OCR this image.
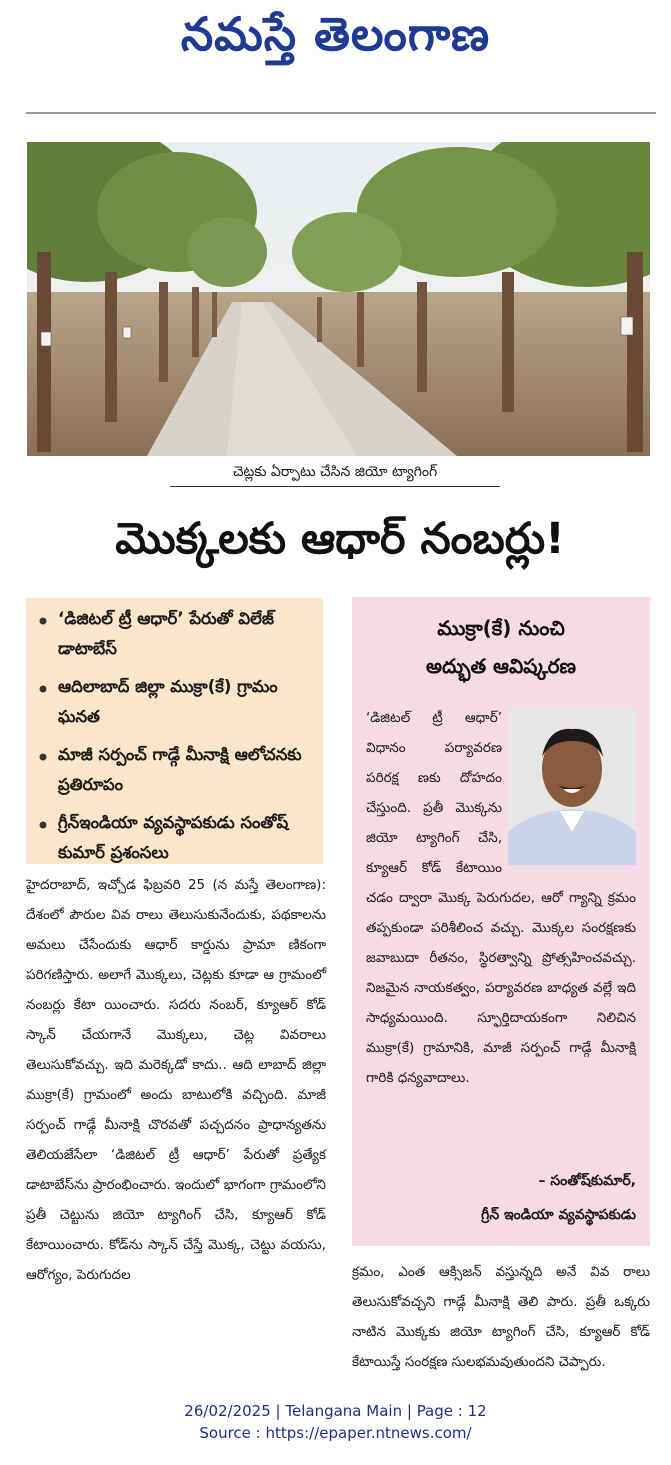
నమస్తే తెలంగాణ
చెట్లకు ఏర్పాటు చేసిన జియో ట్యాగింగ్
మొక్కలకు ఆధార్ నంబర్లు!
‘డిజిటల్ ట్రీ ఆధార్’ పేరుతో విలేజ్ డాటాబేస్
ఆదిలాబాద్ జిల్లా ముక్రా(కే) గ్రామం ఘనత
మాజీ సర్పంచ్ గాడ్గే మీనాక్షి ఆలోచనకు ప్రతిరూపం
గ్రీన్‌ఇండియా వ్యవస్థాపకుడు సంతోష్ కుమార్ ప్రశంసలు
ముక్రా(కే) నుంచి
అద్భుత ఆవిష్కరణ
‘డిజిటల్ ట్రీ ఆధార్’ విధానం పర్యావరణ పరిరక్ష ణకు దోహదం చేస్తుంది. ప్రతీ మొక్కను జియో ట్యాగింగ్ చేసి, క్యూఆర్ కోడ్ కేటాయిం చడం ద్వారా మొక్క పెరుగుదల, ఆరో గ్యాన్ని క్రమం తప్పకుండా పరిశీలించ వచ్చు. మొక్కల సంరక్షణకు జవాబుదా రీతనం, స్థిరత్వాన్ని ప్రోత్సహించవచ్చు. నిజమైన నాయకత్వం, పర్యావరణ బాధ్యత వల్లే ఇది సాధ్యమయింది. స్ఫూర్తిదాయకంగా నిలిచిన ముక్రా(కే) గ్రామానికి, మాజీ సర్పంచ్ గాడ్గే మీనాక్షి గారికి ధన్యవాదాలు.
– సంతోష్‌కుమార్,
గ్రీన్ ఇండియా వ్యవస్థాపకుడు
హైదరాబాద్, ఇచ్చోడ ఫిబ్రవరి 25 (న మస్తే తెలంగాణ): దేశంలో పౌరుల వివ రాలు తెలుసుకునేందుకు, పథకాలను అమలు చేసేందుకు ఆధార్ కార్డును ప్రామా ణికంగా పరిగణిస్తారు. అలాగే మొక్కలు, చెట్లకు కూడా ఆ గ్రామంలో నంబర్లు కేటా యించారు. సదరు నంబర్, క్యూఆర్ కోడ్ స్కాన్ చేయగానే మొక్కలు, చెట్ల వివరాలు తెలుసుకోవచ్చు. ఇది మరెక్కడో కాదు.. ఆది లాబాద్ జిల్లా ముక్రా(కే) గ్రామంలో అందు బాటులోకి వచ్చింది. మాజీ సర్పంచ్ గాడ్గే మీనాక్షి చొరవతో పచ్చదనం ప్రాధాన్యతను తెలియజేసేలా ‘డిజిటల్ ట్రీ ఆధార్’ పేరుతో ప్రత్యేక డాటాబేస్‌ను ప్రారంభించారు. ఇందులో భాగంగా గ్రామంలోని ప్రతీ చెట్టును జియో ట్యాగింగ్ చేసి, క్యూఆర్ కోడ్ కేటాయించారు. కోడ్‌ను స్కాన్ చేస్తే మొక్క, చెట్టు వయసు, ఆరోగ్యం, పెరుగుదల	క్రమం, ఎంత ఆక్సిజన్ వస్తున్నది అనే వివ రాలు తెలుసుకోవచ్చని గాడ్గే మీనాక్షి తెలి పారు. ప్రతీ ఒక్కరు నాటిన మొక్కకు జియో ట్యాగింగ్ చేసి, క్యూఆర్ కోడ్ కేటాయిస్తే సంరక్షణ సులభమవుతుందని చెప్పారు.
26/02/2025 | Telangana Main | Page : 12
Source : https://epaper.ntnews.com/
